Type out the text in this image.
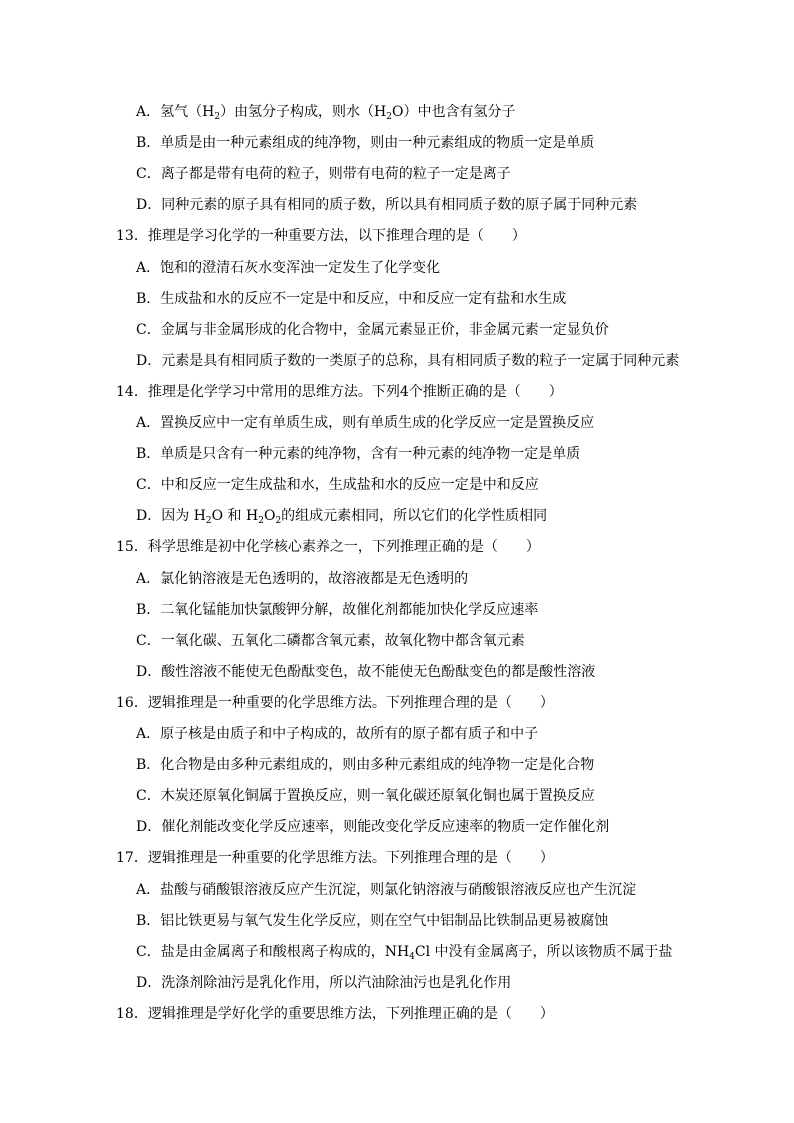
A．氢气$(H_2)$由氢分子构成，则水$(H_2O)$中也含有氢分子
B．单质是由一种元素组成的纯净物，则由一种元素组成的物质一定是单质
C．离子都是带有电荷的粒子，则带有电荷的粒子一定是离子
D．同种元素的原子具有相同的质子数，所以具有相同质子数的原子属于同种元素
13．推理是学习化学的一种重要方法，以下推理合理的是（　　）
A．饱和的澄清石灰水变浑浊一定发生了化学变化
B．生成盐和水的反应不一定是中和反应，中和反应一定有盐和水生成
C．金属与非金属形成的化合物中，金属元素显正价，非金属元素一定显负价
D．元素是具有相同质子数的一类原子的总称，具有相同质子数的粒子一定属于同种元素
14．推理是化学学习中常用的思维方法。下列4个推断正确的是（　　）
A．置换反应中一定有单质生成，则有单质生成的化学反应一定是置换反应
B．单质是只含有一种元素的纯净物，含有一种元素的纯净物一定是单质
C．中和反应一定生成盐和水，生成盐和水的反应一定是中和反应
D．因为 $H_2O$ 和 $H_2O_2$的组成元素相同，所以它们的化学性质相同
15．科学思维是初中化学核心素养之一，下列推理正确的是（　　）
A．氯化钠溶液是无色透明的，故溶液都是无色透明的
B．二氧化锰能加快氯酸钾分解，故催化剂都能加快化学反应速率
C．一氧化碳、五氧化二磷都含氧元素，故氧化物中都含氧元素
D．酸性溶液不能使无色酚酞变色，故不能使无色酚酞变色的都是酸性溶液
16．逻辑推理是一种重要的化学思维方法。下列推理合理的是（　　）
A．原子核是由质子和中子构成的，故所有的原子都有质子和中子
B．化合物是由多种元素组成的，则由多种元素组成的纯净物一定是化合物
C．木炭还原氧化铜属于置换反应，则一氧化碳还原氧化铜也属于置换反应
D．催化剂能改变化学反应速率，则能改变化学反应速率的物质一定作催化剂
17．逻辑推理是一种重要的化学思维方法。下列推理合理的是（　　）
A．盐酸与硝酸银溶液反应产生沉淀，则氯化钠溶液与硝酸银溶液反应也产生沉淀
B．铝比铁更易与氧气发生化学反应，则在空气中铝制品比铁制品更易被腐蚀
C．盐是由金属离子和酸根离子构成的，$NH_4Cl$ 中没有金属离子，所以该物质不属于盐
D．洗涤剂除油污是乳化作用，所以汽油除油污也是乳化作用
18．逻辑推理是学好化学的重要思维方法，下列推理正确的是（　　）
